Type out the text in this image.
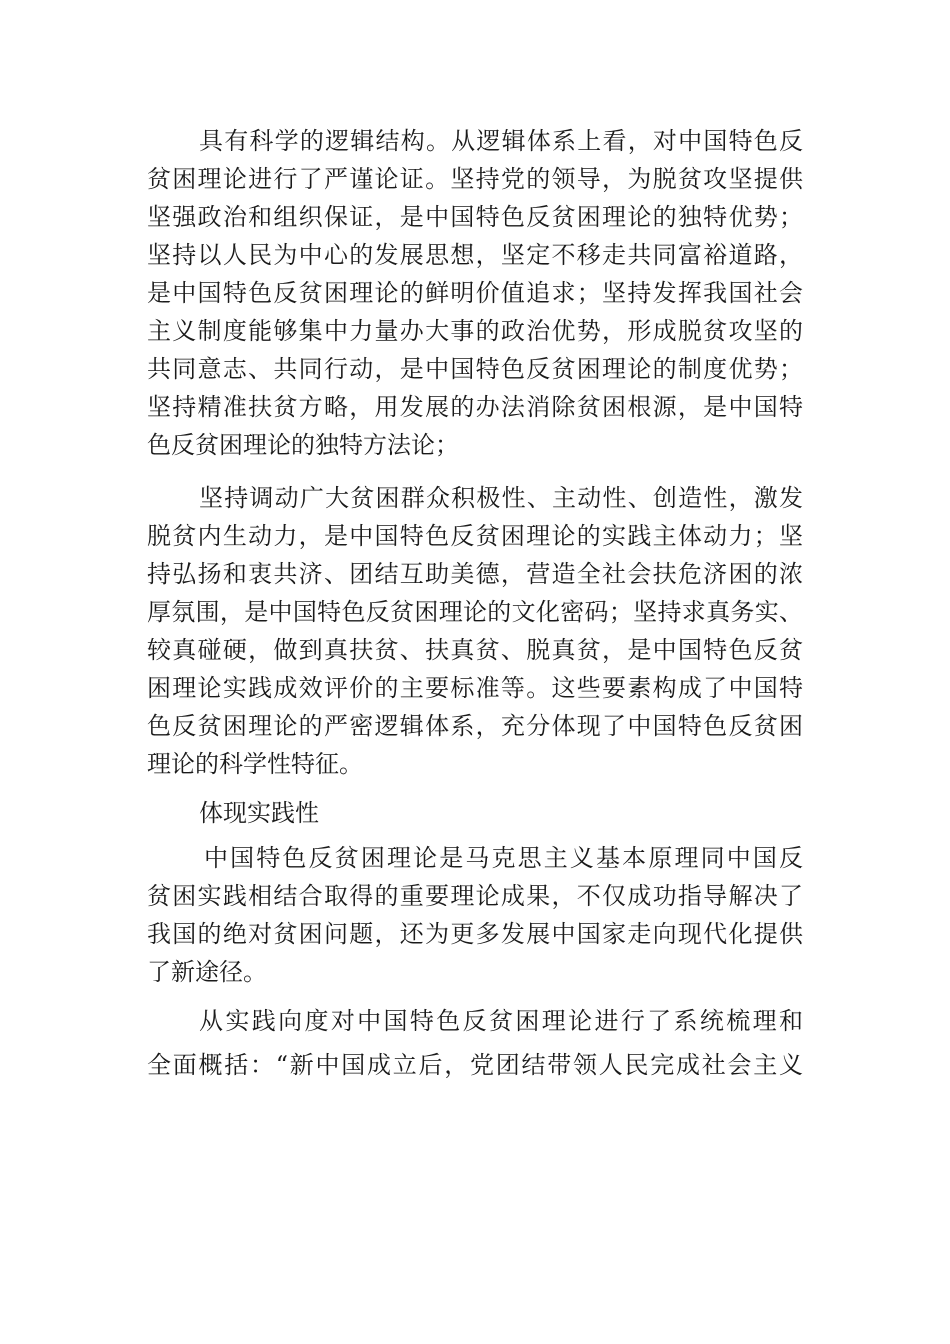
具有科学的逻辑结构。从逻辑体系上看，对中国特色反
贫困理论进行了严谨论证。坚持党的领导，为脱贫攻坚提供
坚强政治和组织保证，是中国特色反贫困理论的独特优势；
坚持以人民为中心的发展思想，坚定不移走共同富裕道路，
是中国特色反贫困理论的鲜明价值追求；坚持发挥我国社会
主义制度能够集中力量办大事的政治优势，形成脱贫攻坚的
共同意志、共同行动，是中国特色反贫困理论的制度优势；
坚持精准扶贫方略，用发展的办法消除贫困根源，是中国特
色反贫困理论的独特方法论；
坚持调动广大贫困群众积极性、主动性、创造性，激发
脱贫内生动力，是中国特色反贫困理论的实践主体动力；坚
持弘扬和衷共济、团结互助美德，营造全社会扶危济困的浓
厚氛围，是中国特色反贫困理论的文化密码；坚持求真务实、
较真碰硬，做到真扶贫、扶真贫、脱真贫，是中国特色反贫
困理论实践成效评价的主要标准等。这些要素构成了中国特
色反贫困理论的严密逻辑体系，充分体现了中国特色反贫困
理论的科学性特征。
体现实践性
中国特色反贫困理论是马克思主义基本原理同中国反
贫困实践相结合取得的重要理论成果，不仅成功指导解决了
我国的绝对贫困问题，还为更多发展中国家走向现代化提供
了新途径。
从实践向度对中国特色反贫困理论进行了系统梳理和
全面概括：“新中国成立后，党团结带领人民完成社会主义
